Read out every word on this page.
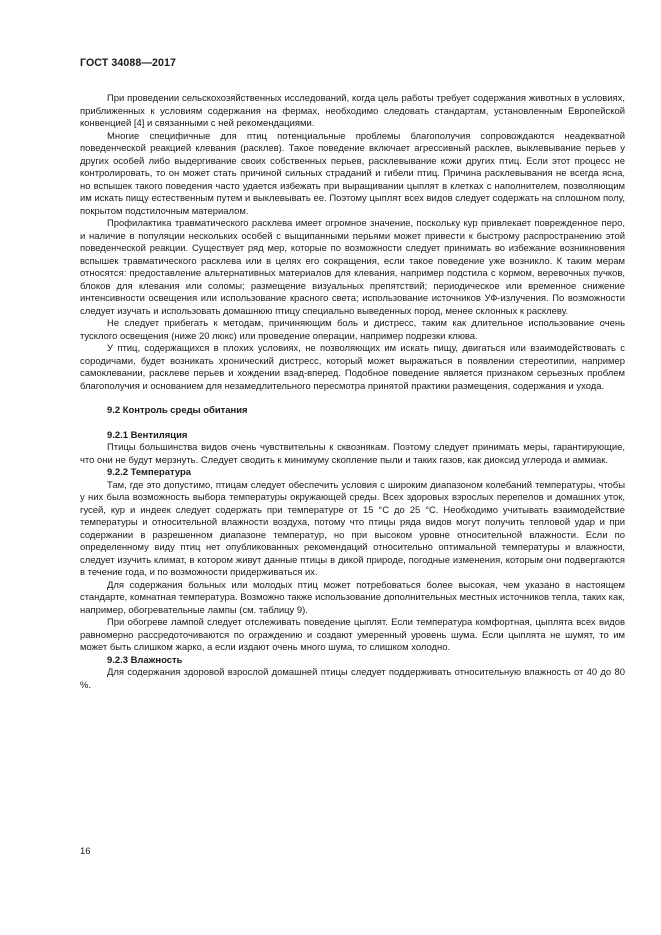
ГОСТ 34088—2017

При проведении сельскохозяйственных исследований, когда цель работы требует содержания животных в условиях, приближенных к условиям содержания на фермах, необходимо следовать стандартам, установленным Европейской конвенцией [4] и связанными с ней рекомендациями.

Многие специфичные для птиц потенциальные проблемы благополучия сопровождаются неадекватной поведенческой реакцией клевания (расклев). Такое поведение включает агрессивный расклев, выклевывание перьев у других особей либо выдергивание своих собственных перьев, расклевывание кожи других птиц. Если этот процесс не контролировать, то он может стать причиной сильных страданий и гибели птиц. Причина расклевывания не всегда ясна, но вспышек такого поведения часто удается избежать при выращивании цыплят в клетках с наполнителем, позволяющим им искать пищу естественным путем и выклевывать ее. Поэтому цыплят всех видов следует содержать на сплошном полу, покрытом подстилочным материалом.

Профилактика травматического расклева имеет огромное значение, поскольку кур привлекает поврежденное перо, и наличие в популяции нескольких особей с выщипанными перьями может привести к быстрому распространению этой поведенческой реакции. Существует ряд мер, которые по возможности следует принимать во избежание возникновения вспышек травматического расклева или в целях его сокращения, если такое поведение уже возникло. К таким мерам относятся: предоставление альтернативных материалов для клевания, например подстила с кормом, веревочных пучков, блоков для клевания или соломы; размещение визуальных препятствий; периодическое или временное снижение интенсивности освещения или использование красного света; использование источников УФ-излучения. По возможности следует изучать и использовать домашнюю птицу специально выведенных пород, менее склонных к расклеву.

Не следует прибегать к методам, причиняющим боль и дистресс, таким как длительное использование очень тусклого освещения (ниже 20 люкс) или проведение операции, например подрезки клюва.

У птиц, содержащихся в плохих условиях, не позволяющих им искать пищу, двигаться или взаимодействовать с сородичами, будет возникать хронический дистресс, который может выражаться в появлении стереотипии, например самоклевании, расклеве перьев и хождении взад-вперед. Подобное поведение является признаком серьезных проблем благополучия и основанием для незамедлительного пересмотра принятой практики размещения, содержания и ухода.

9.2 Контроль среды обитания
9.2.1 Вентиляция

Птицы большинства видов очень чувствительны к сквознякам. Поэтому следует принимать меры, гарантирующие, что они не будут мерзнуть. Следует сводить к минимуму скопление пыли и таких газов, как диоксид углерода и аммиак.

9.2.2 Температура

Там, где это допустимо, птицам следует обеспечить условия с широким диапазоном колебаний температуры, чтобы у них была возможность выбора температуры окружающей среды. Всех здоровых взрослых перепелов и домашних уток, гусей, кур и индеек следует содержать при температуре от 15 °C до 25 °C. Необходимо учитывать взаимодействие температуры и относительной влажности воздуха, потому что птицы ряда видов могут получить тепловой удар и при содержании в разрешенном диапазоне температур, но при высоком уровне относительной влажности. Если по определенному виду птиц нет опубликованных рекомендаций относительно оптимальной температуры и влажности, следует изучить климат, в котором живут данные птицы в дикой природе, погодные изменения, которым они подвергаются в течение года, и по возможности придерживаться их.

Для содержания больных или молодых птиц может потребоваться более высокая, чем указано в настоящем стандарте, комнатная температура. Возможно также использование дополнительных местных источников тепла, таких как, например, обогревательные лампы (см. таблицу 9).

При обогреве лампой следует отслеживать поведение цыплят. Если температура комфортная, цыплята всех видов равномерно рассредоточиваются по ограждению и создают умеренный уровень шума. Если цыплята не шумят, то им может быть слишком жарко, а если издают очень много шума, то слишком холодно.

9.2.3 Влажность

Для содержания здоровой взрослой домашней птицы следует поддерживать относительную влажность от 40 до 80 %.

16
